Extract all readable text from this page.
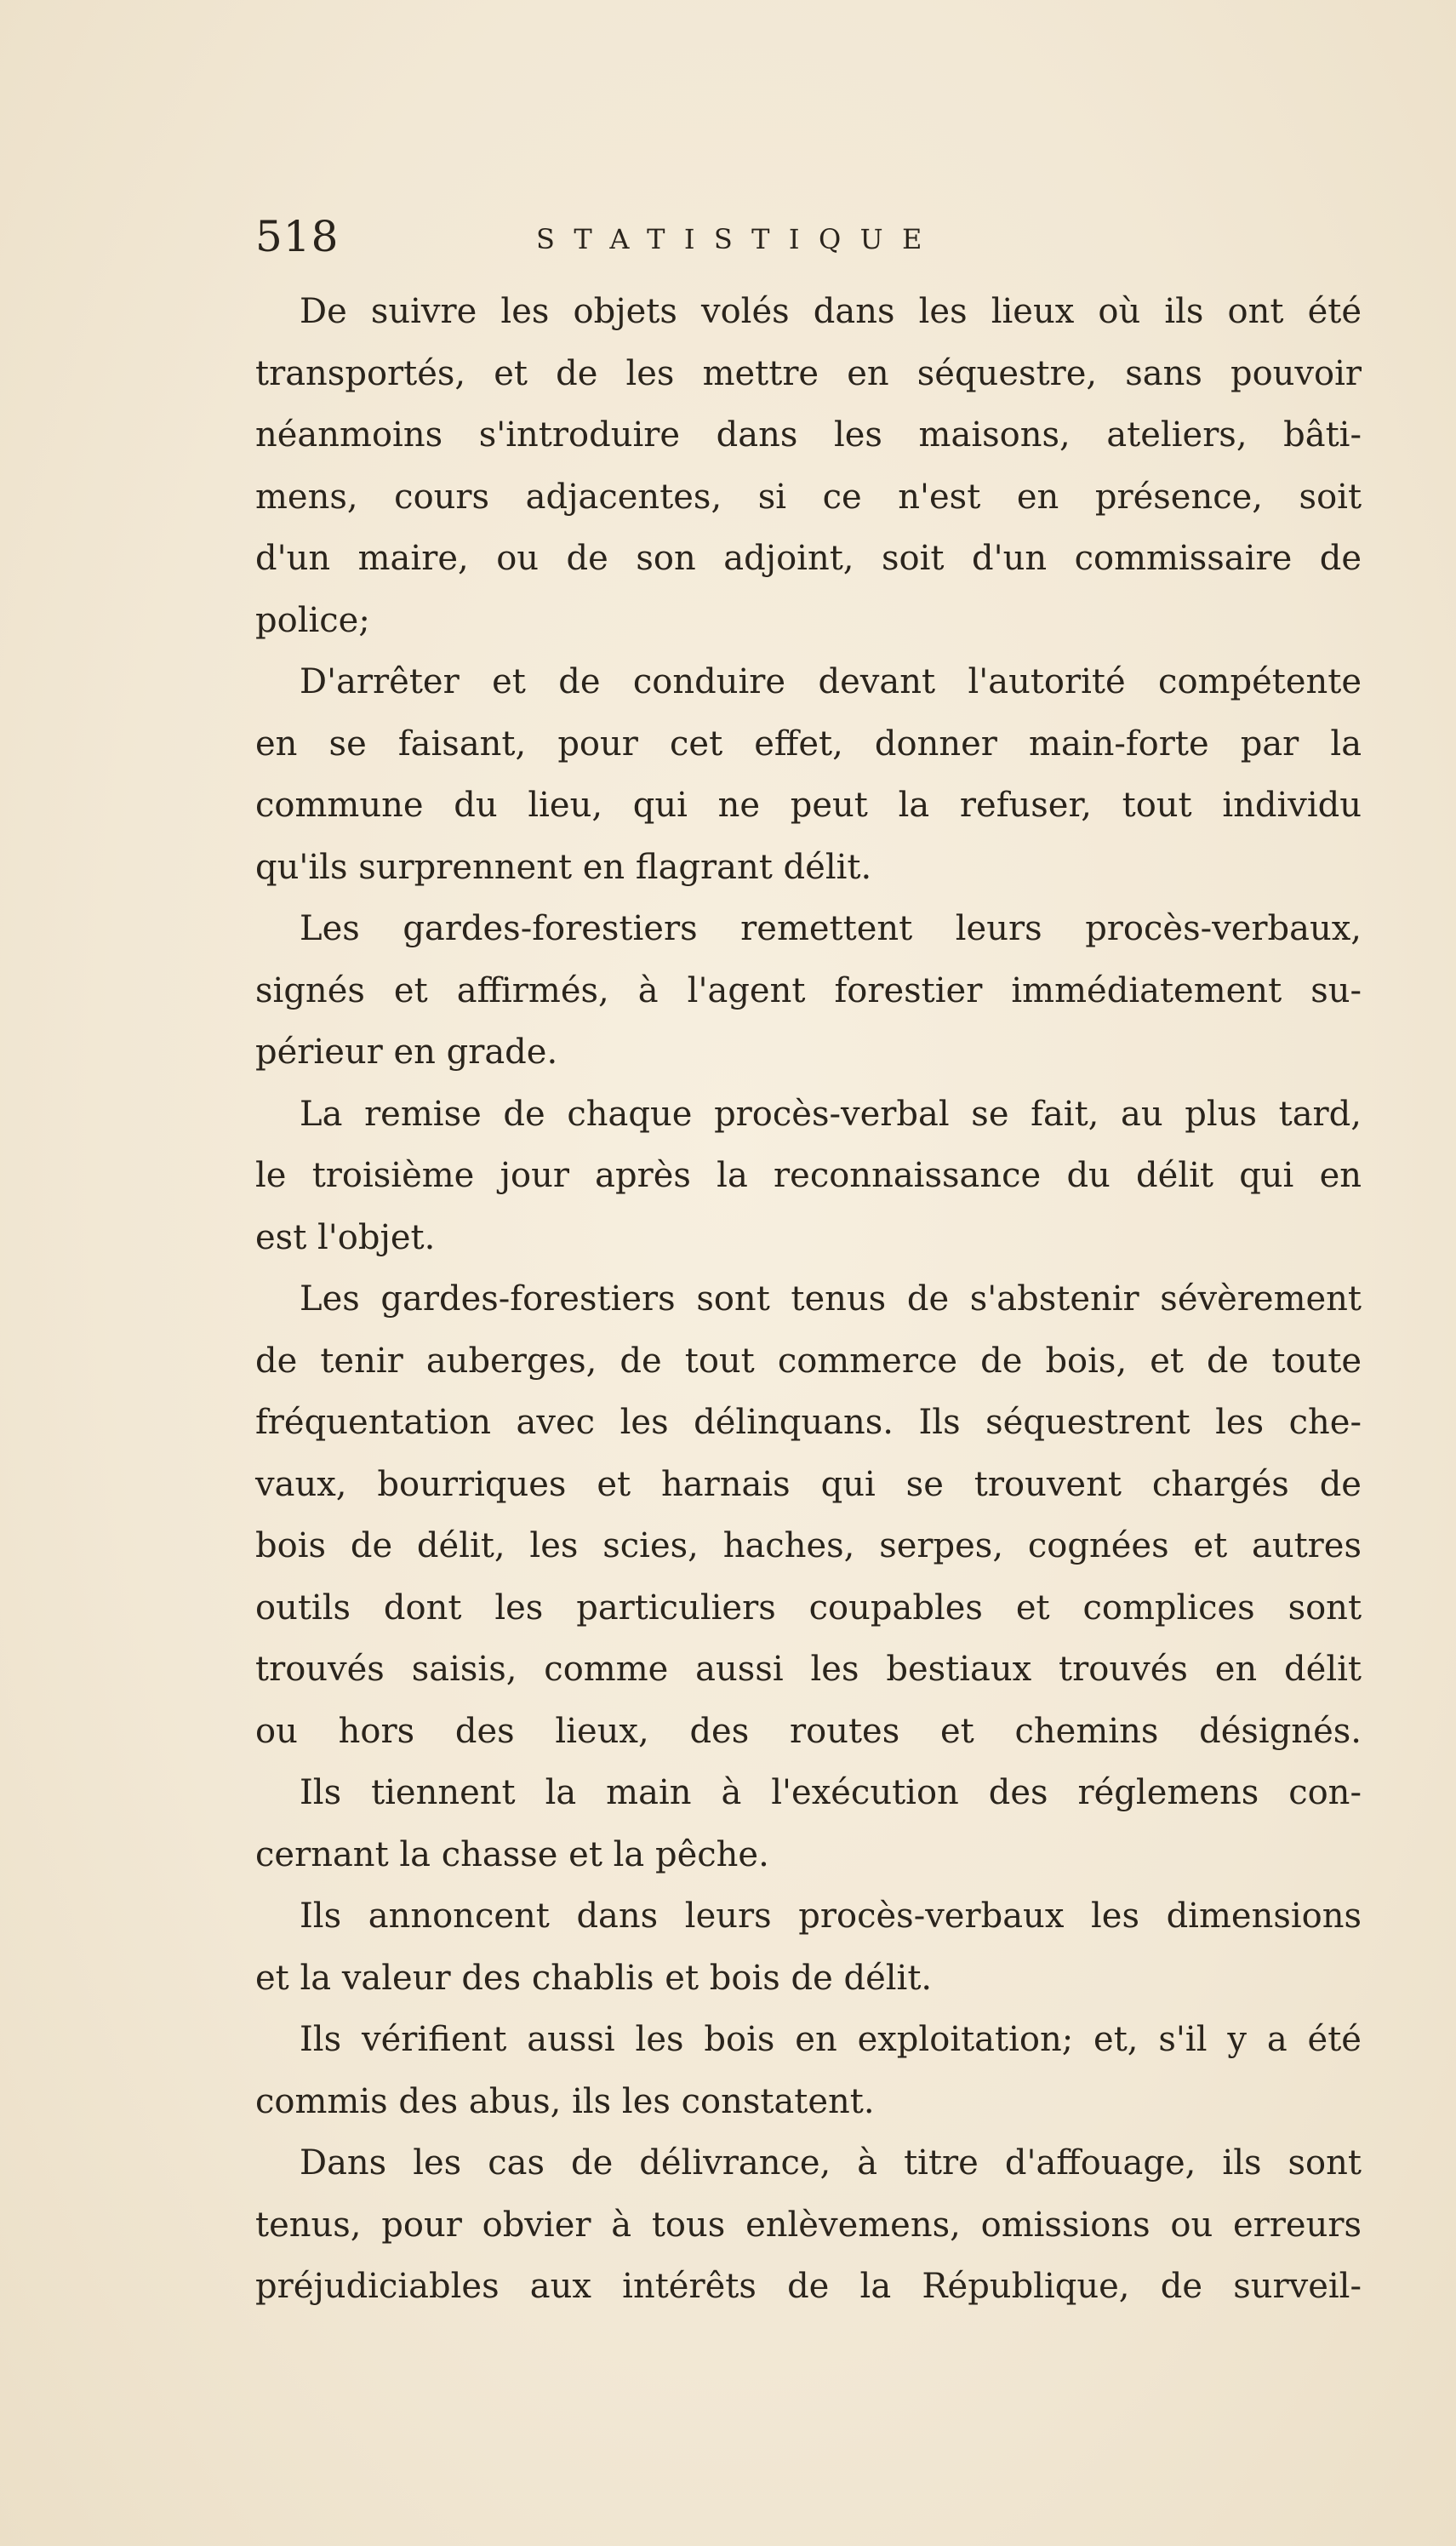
518	STATISTIQUE
De suivre les objets volés dans les lieux où ils ont été
transportés, et de les mettre en séquestre, sans pouvoir
néanmoins s'introduire dans les maisons, ateliers, bâti-
mens, cours adjacentes, si ce n'est en présence, soit
d'un maire, ou de son adjoint, soit d'un commissaire de
police;
D'arrêter et de conduire devant l'autorité compétente
en se faisant, pour cet effet, donner main-forte par la
commune du lieu, qui ne peut la refuser, tout individu
qu'ils surprennent en flagrant délit.
Les gardes-forestiers remettent leurs procès-verbaux,
signés et affirmés, à l'agent forestier immédiatement su-
périeur en grade.
La remise de chaque procès-verbal se fait, au plus tard,
le troisième jour après la reconnaissance du délit qui en
est l'objet.
Les gardes-forestiers sont tenus de s'abstenir sévèrement
de tenir auberges, de tout commerce de bois, et de toute
fréquentation avec les délinquans. Ils séquestrent les che-
vaux, bourriques et harnais qui se trouvent chargés de
bois de délit, les scies, haches, serpes, cognées et autres
outils dont les particuliers coupables et complices sont
trouvés saisis, comme aussi les bestiaux trouvés en délit
ou hors des lieux, des routes et chemins désignés.
Ils tiennent la main à l'exécution des réglemens con-
cernant la chasse et la pêche.
Ils annoncent dans leurs procès-verbaux les dimensions
et la valeur des chablis et bois de délit.
Ils vérifient aussi les bois en exploitation; et, s'il y a été
commis des abus, ils les constatent.
Dans les cas de délivrance, à titre d'affouage, ils sont
tenus, pour obvier à tous enlèvemens, omissions ou erreurs
préjudiciables aux intérêts de la République, de surveil-
